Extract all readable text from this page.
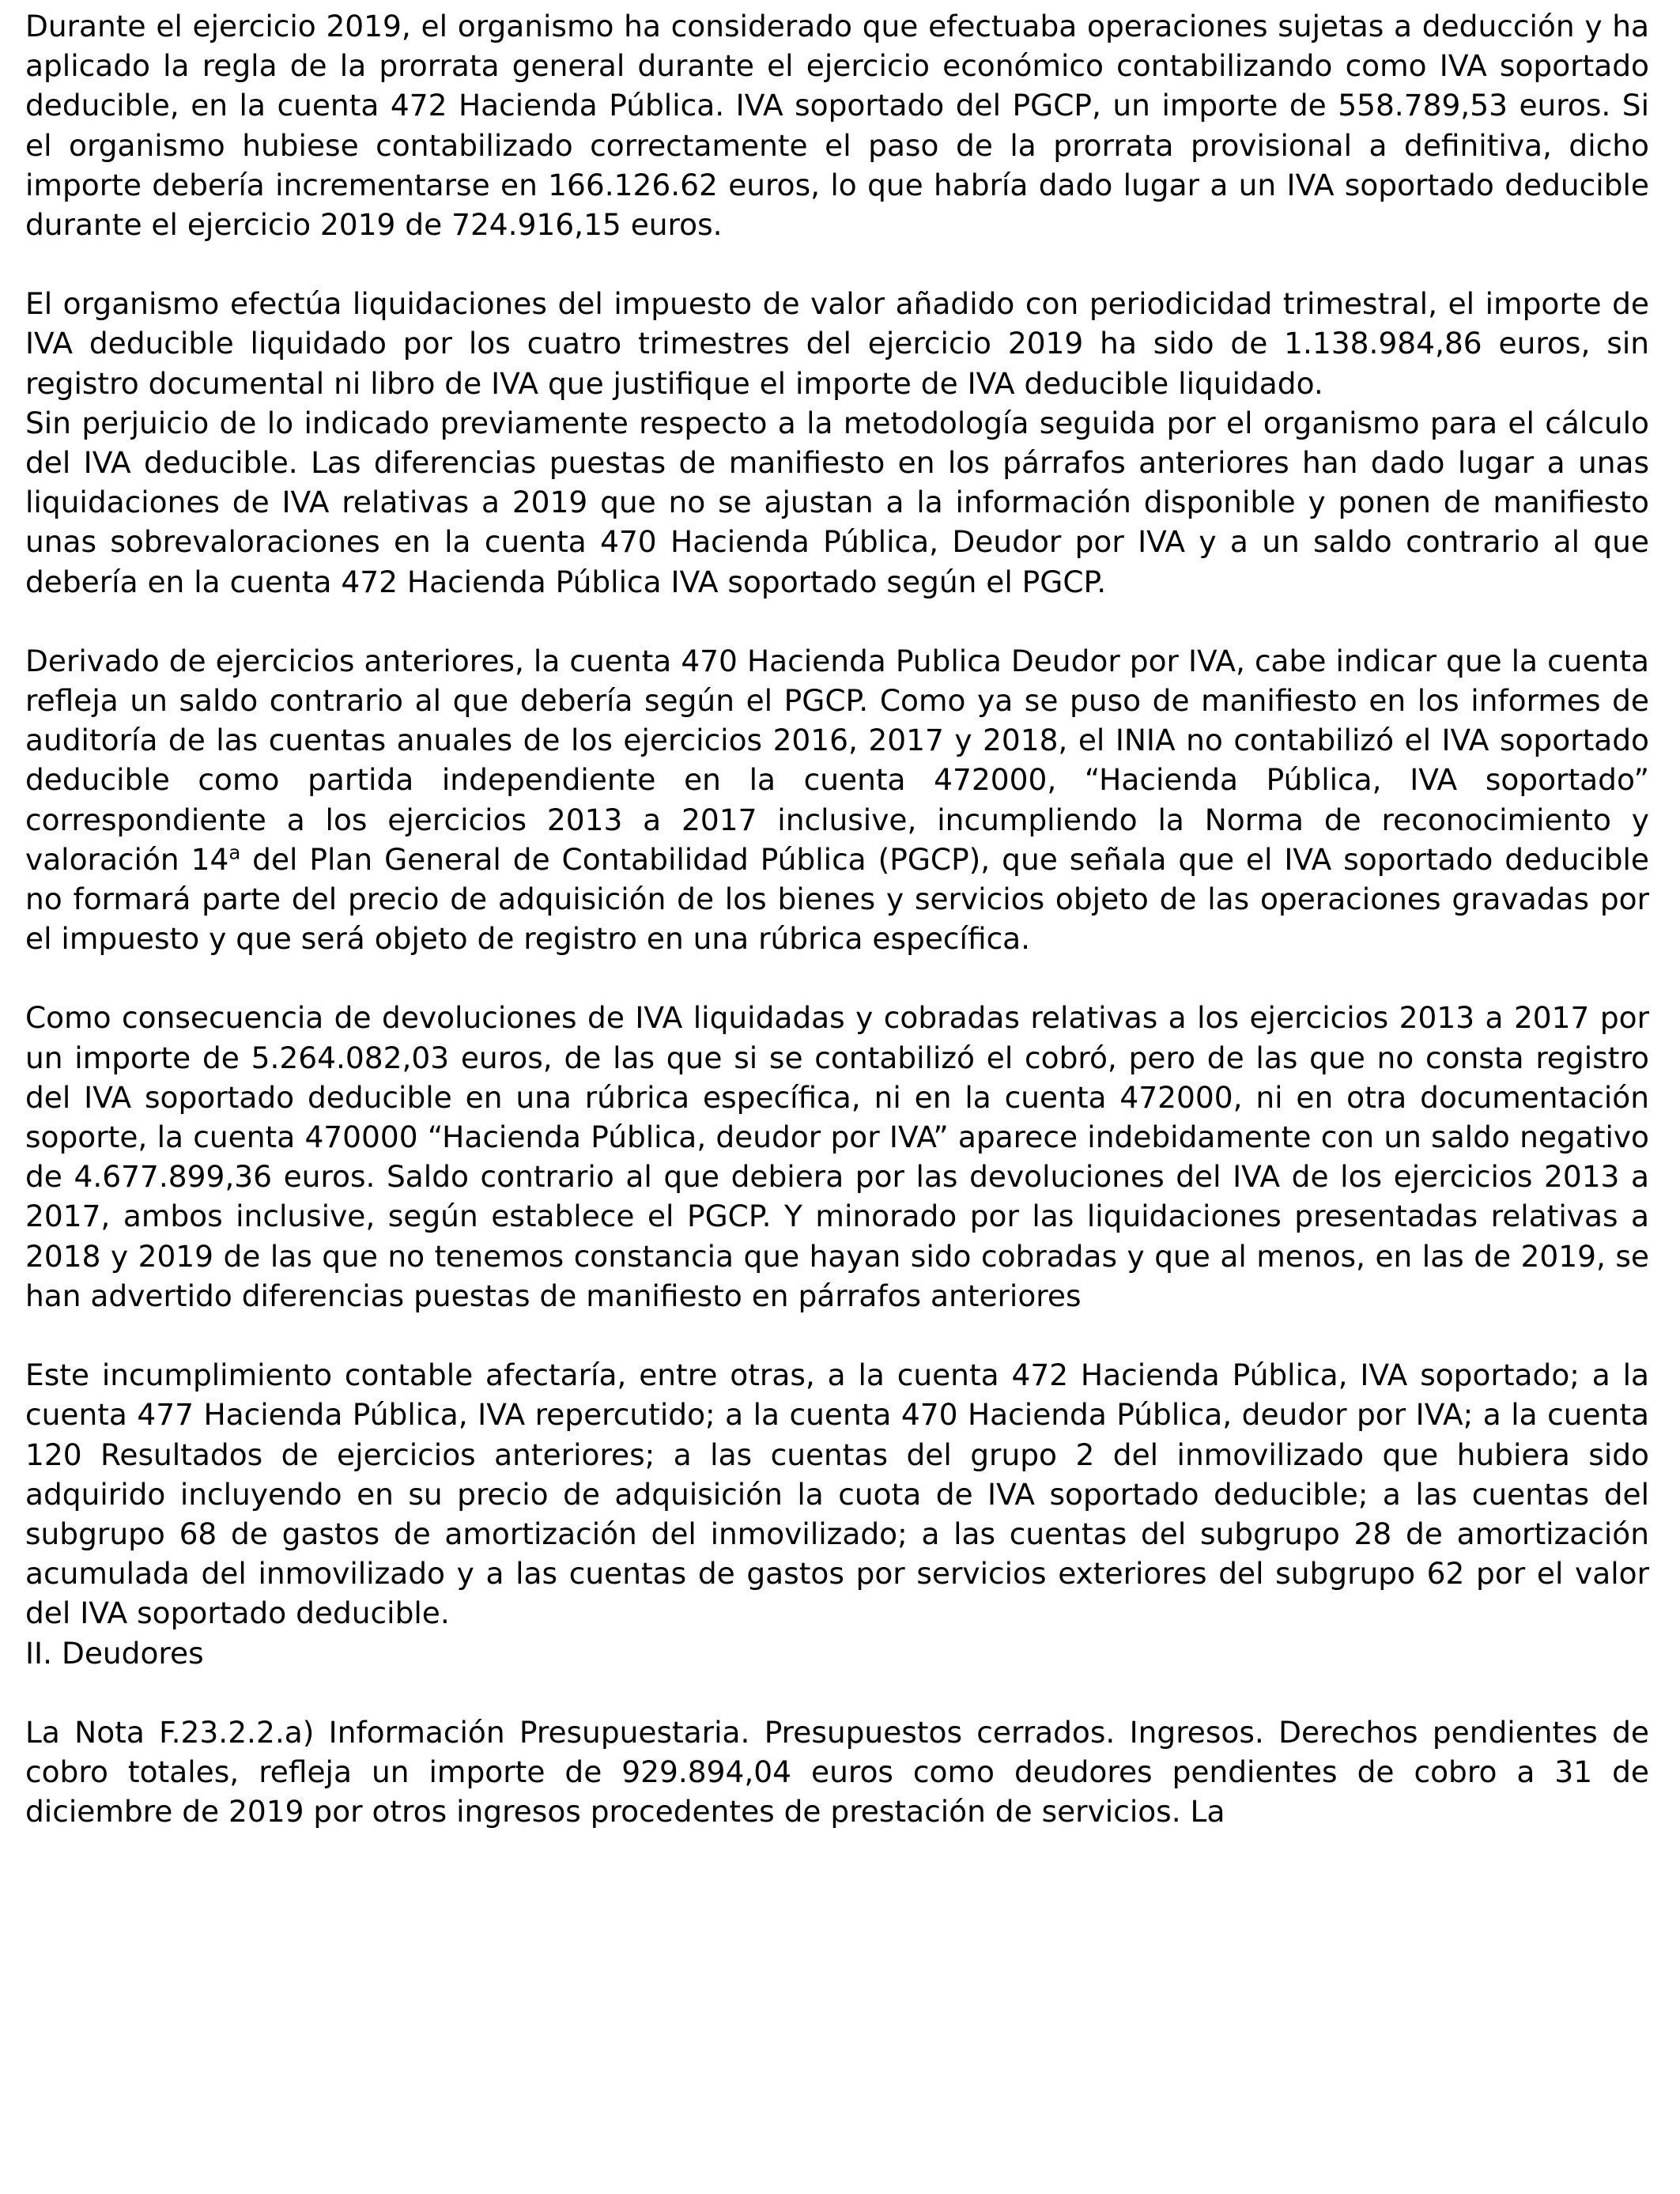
Durante el ejercicio 2019, el organismo ha considerado que efectuaba operaciones sujetas a deducción y ha aplicado la regla de la prorrata general durante el ejercicio económico contabilizando como IVA soportado deducible, en la cuenta 472 Hacienda Pública. IVA soportado del PGCP, un importe de 558.789,53 euros. Si el organismo hubiese contabilizado correctamente el paso de la prorrata provisional a definitiva, dicho importe debería incrementarse en 166.126.62 euros, lo que habría dado lugar a un IVA soportado deducible durante el ejercicio 2019 de 724.916,15 euros.

El organismo efectúa liquidaciones del impuesto de valor añadido con periodicidad trimestral, el importe de IVA deducible liquidado por los cuatro trimestres del ejercicio 2019 ha sido de 1.138.984,86 euros, sin registro documental ni libro de IVA que justifique el importe de IVA deducible liquidado.

Sin perjuicio de lo indicado previamente respecto a la metodología seguida por el organismo para el cálculo del IVA deducible. Las diferencias puestas de manifiesto en los párrafos anteriores han dado lugar a unas liquidaciones de IVA relativas a 2019 que no se ajustan a la información disponible y ponen de manifiesto unas sobrevaloraciones en la cuenta 470 Hacienda Pública, Deudor por IVA y a un saldo contrario al que debería en la cuenta 472 Hacienda Pública IVA soportado según el PGCP.

Derivado de ejercicios anteriores, la cuenta 470 Hacienda Publica Deudor por IVA, cabe indicar que la cuenta refleja un saldo contrario al que debería según el PGCP. Como ya se puso de manifiesto en los informes de auditoría de las cuentas anuales de los ejercicios 2016, 2017 y 2018, el INIA no contabilizó el IVA soportado deducible como partida independiente en la cuenta 472000, “Hacienda Pública, IVA soportado” correspondiente a los ejercicios 2013 a 2017 inclusive, incumpliendo la Norma de reconocimiento y valoración 14$^a$ del Plan General de Contabilidad Pública (PGCP), que señala que el IVA soportado deducible no formará parte del precio de adquisición de los bienes y servicios objeto de las operaciones gravadas por el impuesto y que será objeto de registro en una rúbrica específica.

Como consecuencia de devoluciones de IVA liquidadas y cobradas relativas a los ejercicios 2013 a 2017 por un importe de 5.264.082,03 euros, de las que si se contabilizó el cobró, pero de las que no consta registro del IVA soportado deducible en una rúbrica específica, ni en la cuenta 472000, ni en otra documentación soporte, la cuenta 470000 “Hacienda Pública, deudor por IVA” aparece indebidamente con un saldo negativo de 4.677.899,36 euros. Saldo contrario al que debiera por las devoluciones del IVA de los ejercicios 2013 a 2017, ambos inclusive, según establece el PGCP. Y minorado por las liquidaciones presentadas relativas a 2018 y 2019 de las que no tenemos constancia que hayan sido cobradas y que al menos, en las de 2019, se han advertido diferencias puestas de manifiesto en párrafos anteriores

Este incumplimiento contable afectaría, entre otras, a la cuenta 472 Hacienda Pública, IVA soportado; a la cuenta 477 Hacienda Pública, IVA repercutido; a la cuenta 470 Hacienda Pública, deudor por IVA; a la cuenta 120 Resultados de ejercicios anteriores; a las cuentas del grupo 2 del inmovilizado que hubiera sido adquirido incluyendo en su precio de adquisición la cuota de IVA soportado deducible; a las cuentas del subgrupo 68 de gastos de amortización del inmovilizado; a las cuentas del subgrupo 28 de amortización acumulada del inmovilizado y a las cuentas de gastos por servicios exteriores del subgrupo 62 por el valor del IVA soportado deducible.

II. Deudores

La Nota F.23.2.2.a) Información Presupuestaria. Presupuestos cerrados. Ingresos. Derechos pendientes de cobro totales, refleja un importe de 929.894,04 euros como deudores pendientes de cobro a 31 de diciembre de 2019 por otros ingresos procedentes de prestación de servicios. La
